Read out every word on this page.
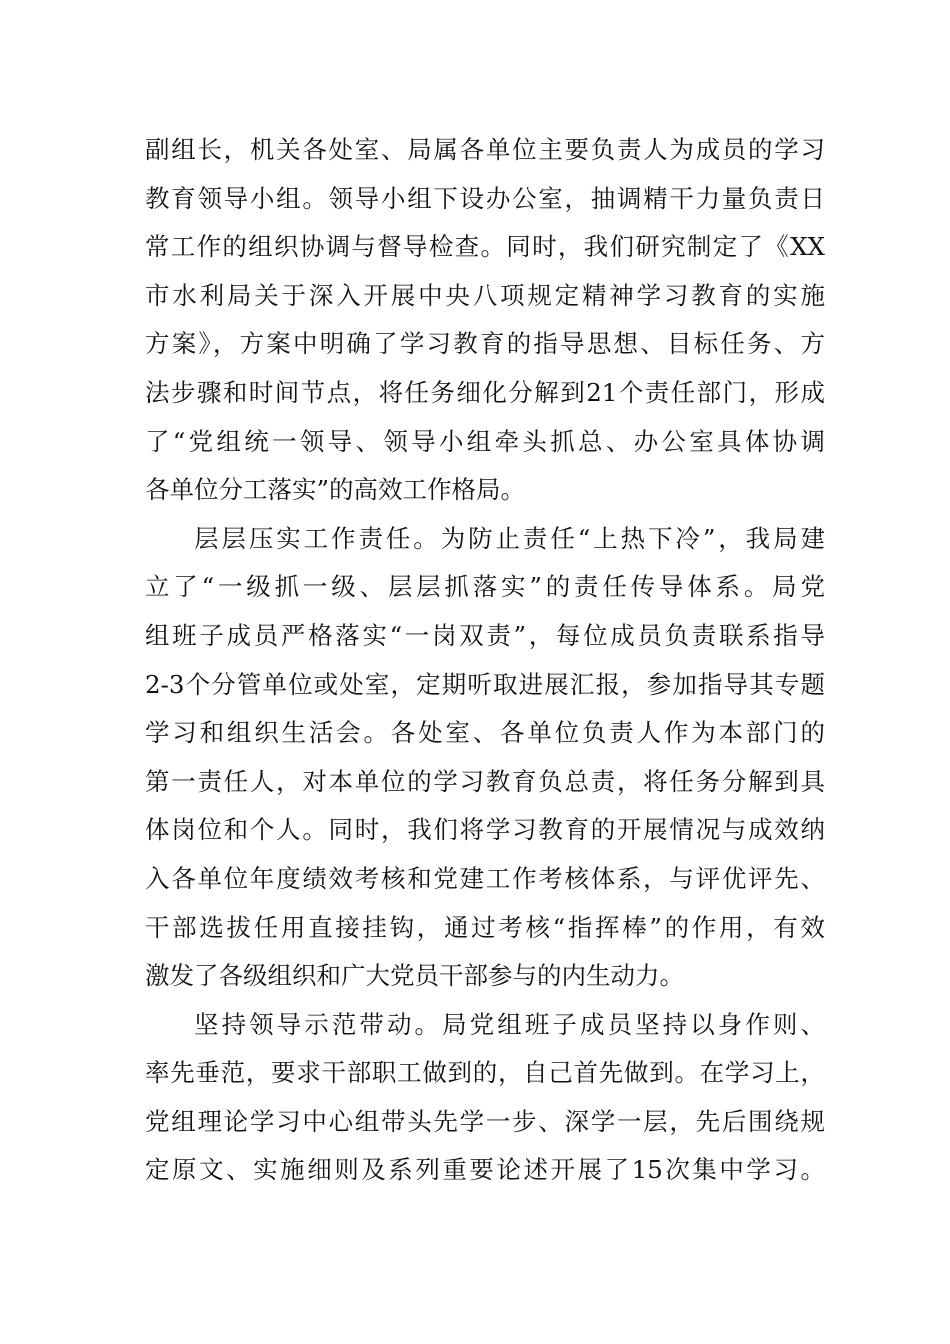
副组长，机关各处室、局属各单位主要负责人为成员的学习
教育领导小组。领导小组下设办公室，抽调精干力量负责日
常工作的组织协调与督导检查。同时，我们研究制定了《XX
市水利局关于深入开展中央八项规定精神学习教育的实施
方案》，方案中明确了学习教育的指导思想、目标任务、方
法步骤和时间节点，将任务细化分解到21个责任部门，形成
了“党组统一领导、领导小组牵头抓总、办公室具体协调
各单位分工落实”的高效工作格局。
层层压实工作责任。为防止责任“上热下冷”，我局建
立了“一级抓一级、层层抓落实”的责任传导体系。局党
组班子成员严格落实“一岗双责”，每位成员负责联系指导
2-3个分管单位或处室，定期听取进展汇报，参加指导其专题
学习和组织生活会。各处室、各单位负责人作为本部门的
第一责任人，对本单位的学习教育负总责，将任务分解到具
体岗位和个人。同时，我们将学习教育的开展情况与成效纳
入各单位年度绩效考核和党建工作考核体系，与评优评先、
干部选拔任用直接挂钩，通过考核“指挥棒”的作用，有效
激发了各级组织和广大党员干部参与的内生动力。
坚持领导示范带动。局党组班子成员坚持以身作则、
率先垂范，要求干部职工做到的，自己首先做到。在学习上，
党组理论学习中心组带头先学一步、深学一层，先后围绕规
定原文、实施细则及系列重要论述开展了15次集中学习。
